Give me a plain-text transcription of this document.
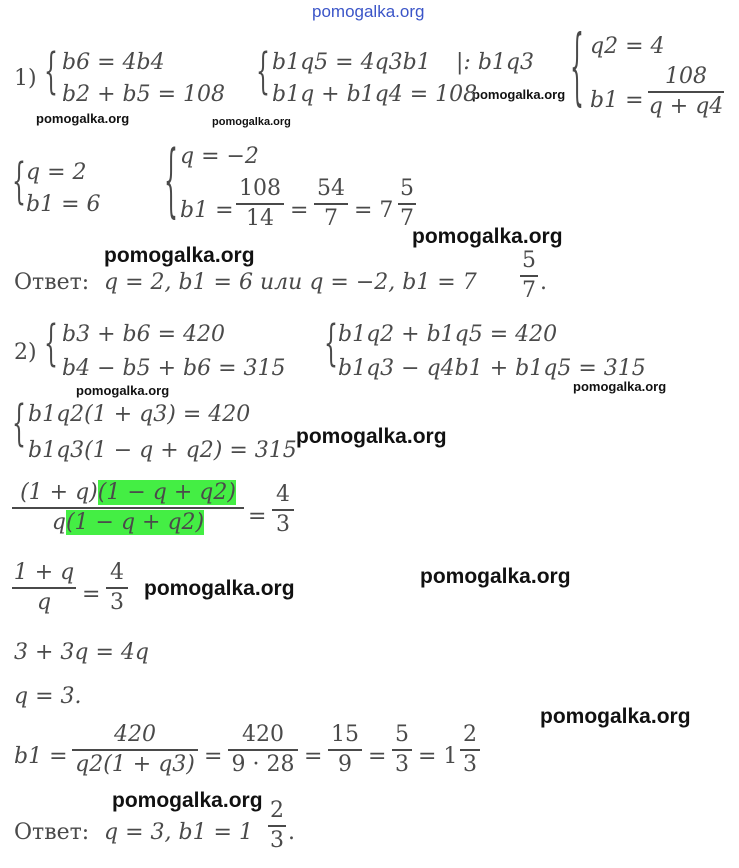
pomogalka.org
pomogalka.org	pomogalka.org
pomogalka.org
pomogalka.org
pomogalka.org
pomogalka.org	pomogalka.org
pomogalka.org
pomogalka.org
pomogalka.org
pomogalka.org
pomogalka.org
1) { b6 = 4b4
b2 + b5 = 108 { b1q5 = 4q3b1
b1q + b1q4 = 108
|: b1q3 { q2 = 4
b1 =
108
q + q4
{ q = 2
b1 = 6	{ q = −2
b1 =
108
14 =
54
7 = 7
5
7
Ответ: q = 2, b1 = 6 или q = −2, b1 = 7
5
7 .
2) { b3 + b6 = 420
b4 − b5 + b6 = 315 { b1q2 + b1q5 = 420
b1q3 − q4b1 + b1q5 = 315
{ b1q2(1 + q3) = 420
b1q3(1 − q + q2) = 315
(1 + q)(1 − q + q2)
q(1 − q + q2)	=
4
3
1 + q
q	=
4
3
3 + 3q = 4q
q = 3.
b1 =
420
q2(1 + q3) =
420
9 · 28 =
15
9 =
5
3 = 1
2
3
Ответ: q = 3, b1 = 1
2
3 .
